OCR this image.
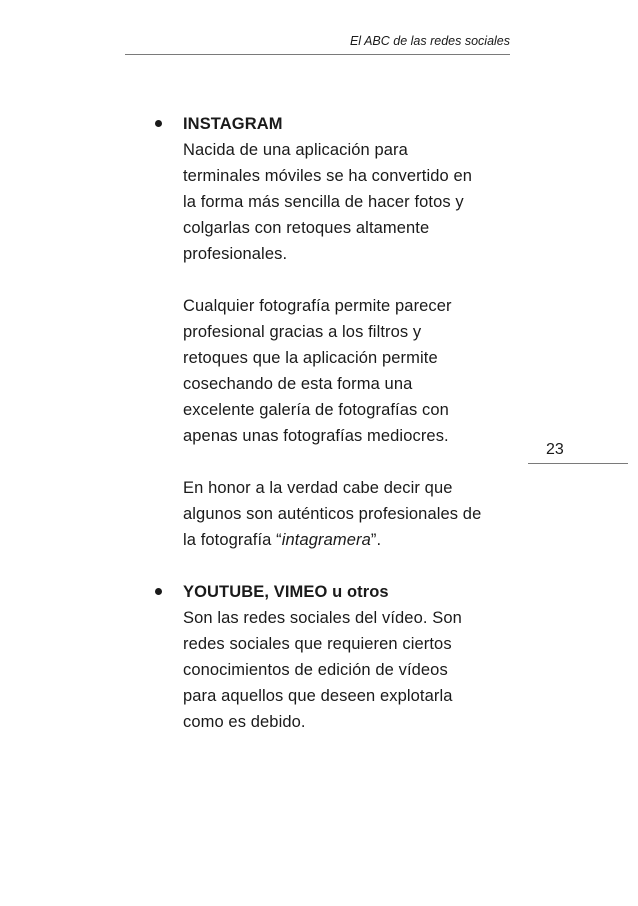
El ABC de las redes sociales
23
INSTAGRAM
Nacida de una aplicación para
terminales móviles se ha convertido en
la forma más sencilla de hacer fotos y
colgarlas con retoques altamente
profesionales.
Cualquier fotografía permite parecer
profesional gracias a los filtros y
retoques que la aplicación permite
cosechando de esta forma una
excelente galería de fotografías con
apenas unas fotografías mediocres.
En honor a la verdad cabe decir que
algunos son auténticos profesionales de
la fotografía “intagramera”.
YOUTUBE, VIMEO u otros
Son las redes sociales del vídeo. Son
redes sociales que requieren ciertos
conocimientos de edición de vídeos
para aquellos que deseen explotarla
como es debido.
